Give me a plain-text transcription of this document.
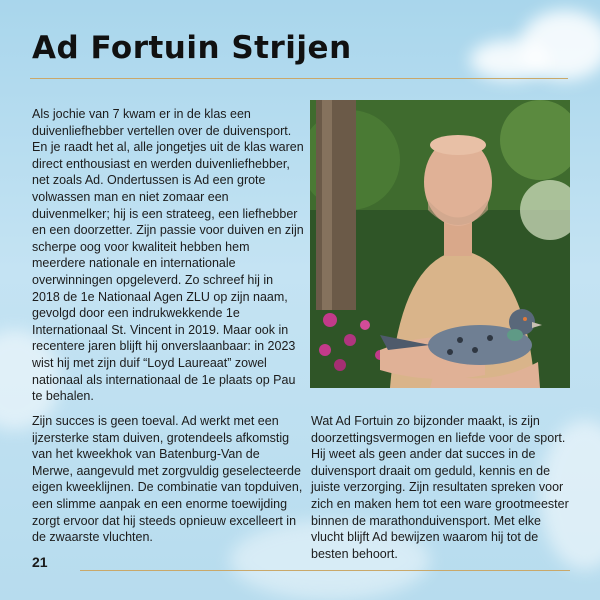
Ad Fortuin Strijen

Als jochie van 7 kwam er in de klas een duivenliefhebber vertellen over de duivensport. En je raadt het al, alle jongetjes uit de klas waren direct enthousiast en werden duivenliefhebber, net zoals Ad. Ondertussen is Ad een grote volwassen man en niet zomaar een duivenmelker; hij is een strateeg, een liefhebber en een doorzetter. Zijn passie voor duiven en zijn scherpe oog voor kwaliteit hebben hem meerdere nationale en internationale overwinningen opgeleverd. Zo schreef hij in 2018 de 1e Nationaal Agen ZLU op zijn naam, gevolgd door een indrukwekkende 1e Internationaal St. Vincent in 2019. Maar ook in recentere jaren blijft hij onverslaanbaar: in 2023 wist hij met zijn duif “Loyd Laureaat” zowel nationaal als internationaal de 1e plaats op Pau te behalen.

Zijn succes is geen toeval. Ad werkt met een ijzersterke stam duiven, grotendeels afkomstig van het kweekhok van Batenburg-Van de Merwe, aangevuld met zorgvuldig geselecteerde eigen kweeklijnen. De combinatie van topduiven, een slimme aanpak en een enorme toewijding zorgt ervoor dat hij steeds opnieuw excelleert in de zwaarste vluchten.

Wat Ad Fortuin zo bijzonder maakt, is zijn doorzettingsvermogen en liefde voor de sport. Hij weet als geen ander dat succes in de duivensport draait om geduld, kennis en de juiste verzorging. Zijn resultaten spreken voor zich en maken hem tot een ware grootmeester binnen de marathonduivensport. Met elke vlucht blijft Ad bewijzen waarom hij tot de besten behoort.

21
